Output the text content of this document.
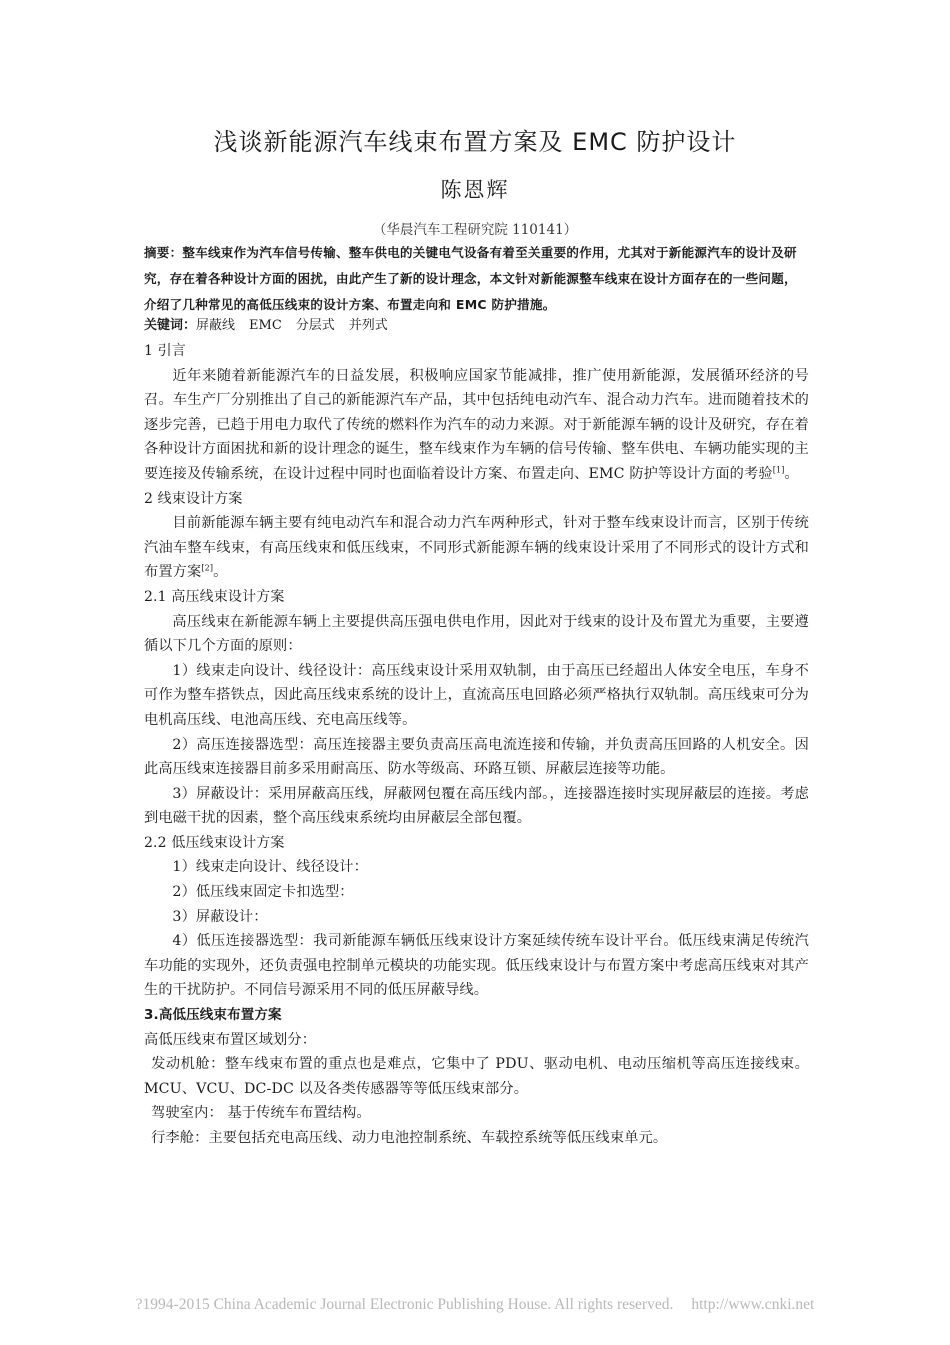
浅谈新能源汽车线束布置方案及 EMC 防护设计
陈恩辉
（华晨汽车工程研究院 110141）
摘要：整车线束作为汽车信号传输、整车供电的关键电气设备有着至关重要的作用，尤其对于新能源汽车的设计及研究，存在着各种设计方面的困扰，由此产生了新的设计理念，本文针对新能源整车线束在设计方面存在的一些问题，介绍了几种常见的高低压线束的设计方案、布置走向和 EMC 防护措施。
关键词：屏蔽线 EMC 分层式 并列式
1 引言

近年来随着新能源汽车的日益发展，积极响应国家节能减排，推广使用新能源，发展循环经济的号召。车生产厂分别推出了自己的新能源汽车产品，其中包括纯电动汽车、混合动力汽车。进而随着技术的逐步完善，已趋于用电力取代了传统的燃料作为汽车的动力来源。对于新能源车辆的设计及研究，存在着各种设计方面困扰和新的设计理念的诞生，整车线束作为车辆的信号传输、整车供电、车辆功能实现的主要连接及传输系统，在设计过程中同时也面临着设计方案、布置走向、EMC 防护等设计方面的考验[1]。

2 线束设计方案

目前新能源车辆主要有纯电动汽车和混合动力汽车两种形式，针对于整车线束设计而言，区别于传统汽油车整车线束，有高压线束和低压线束，不同形式新能源车辆的线束设计采用了不同形式的设计方式和布置方案[2]。

2.1 高压线束设计方案

高压线束在新能源车辆上主要提供高压强电供电作用，因此对于线束的设计及布置尤为重要，主要遵循以下几个方面的原则：

1）线束走向设计、线径设计：高压线束设计采用双轨制，由于高压已经超出人体安全电压，车身不可作为整车搭铁点，因此高压线束系统的设计上，直流高压电回路必须严格执行双轨制。高压线束可分为电机高压线、电池高压线、充电高压线等。

2）高压连接器选型：高压连接器主要负责高压高电流连接和传输，并负责高压回路的人机安全。因此高压线束连接器目前多采用耐高压、防水等级高、环路互锁、屏蔽层连接等功能。

3）屏蔽设计：采用屏蔽高压线，屏蔽网包覆在高压线内部。，连接器连接时实现屏蔽层的连接。考虑到电磁干扰的因素，整个高压线束系统均由屏蔽层全部包覆。

2.2 低压线束设计方案

1）线束走向设计、线径设计：

2）低压线束固定卡扣选型：

3）屏蔽设计：

4）低压连接器选型：我司新能源车辆低压线束设计方案延续传统车设计平台。低压线束满足传统汽车功能的实现外，还负责强电控制单元模块的功能实现。低压线束设计与布置方案中考虑高压线束对其产生的干扰防护。不同信号源采用不同的低压屏蔽导线。

3.高低压线束布置方案

高低压线束布置区域划分：

发动机舱：整车线束布置的重点也是难点，它集中了 PDU、驱动电机、电动压缩机等高压连接线束。MCU、VCU、DC-DC 以及各类传感器等等低压线束部分。

驾驶室内： 基于传统车布置结构。

行李舱：主要包括充电高压线、动力电池控制系统、车载控系统等低压线束单元。

?1994-2015 China Academic Journal Electronic Publishing House. All rights reserved. http://www.cnki.net
